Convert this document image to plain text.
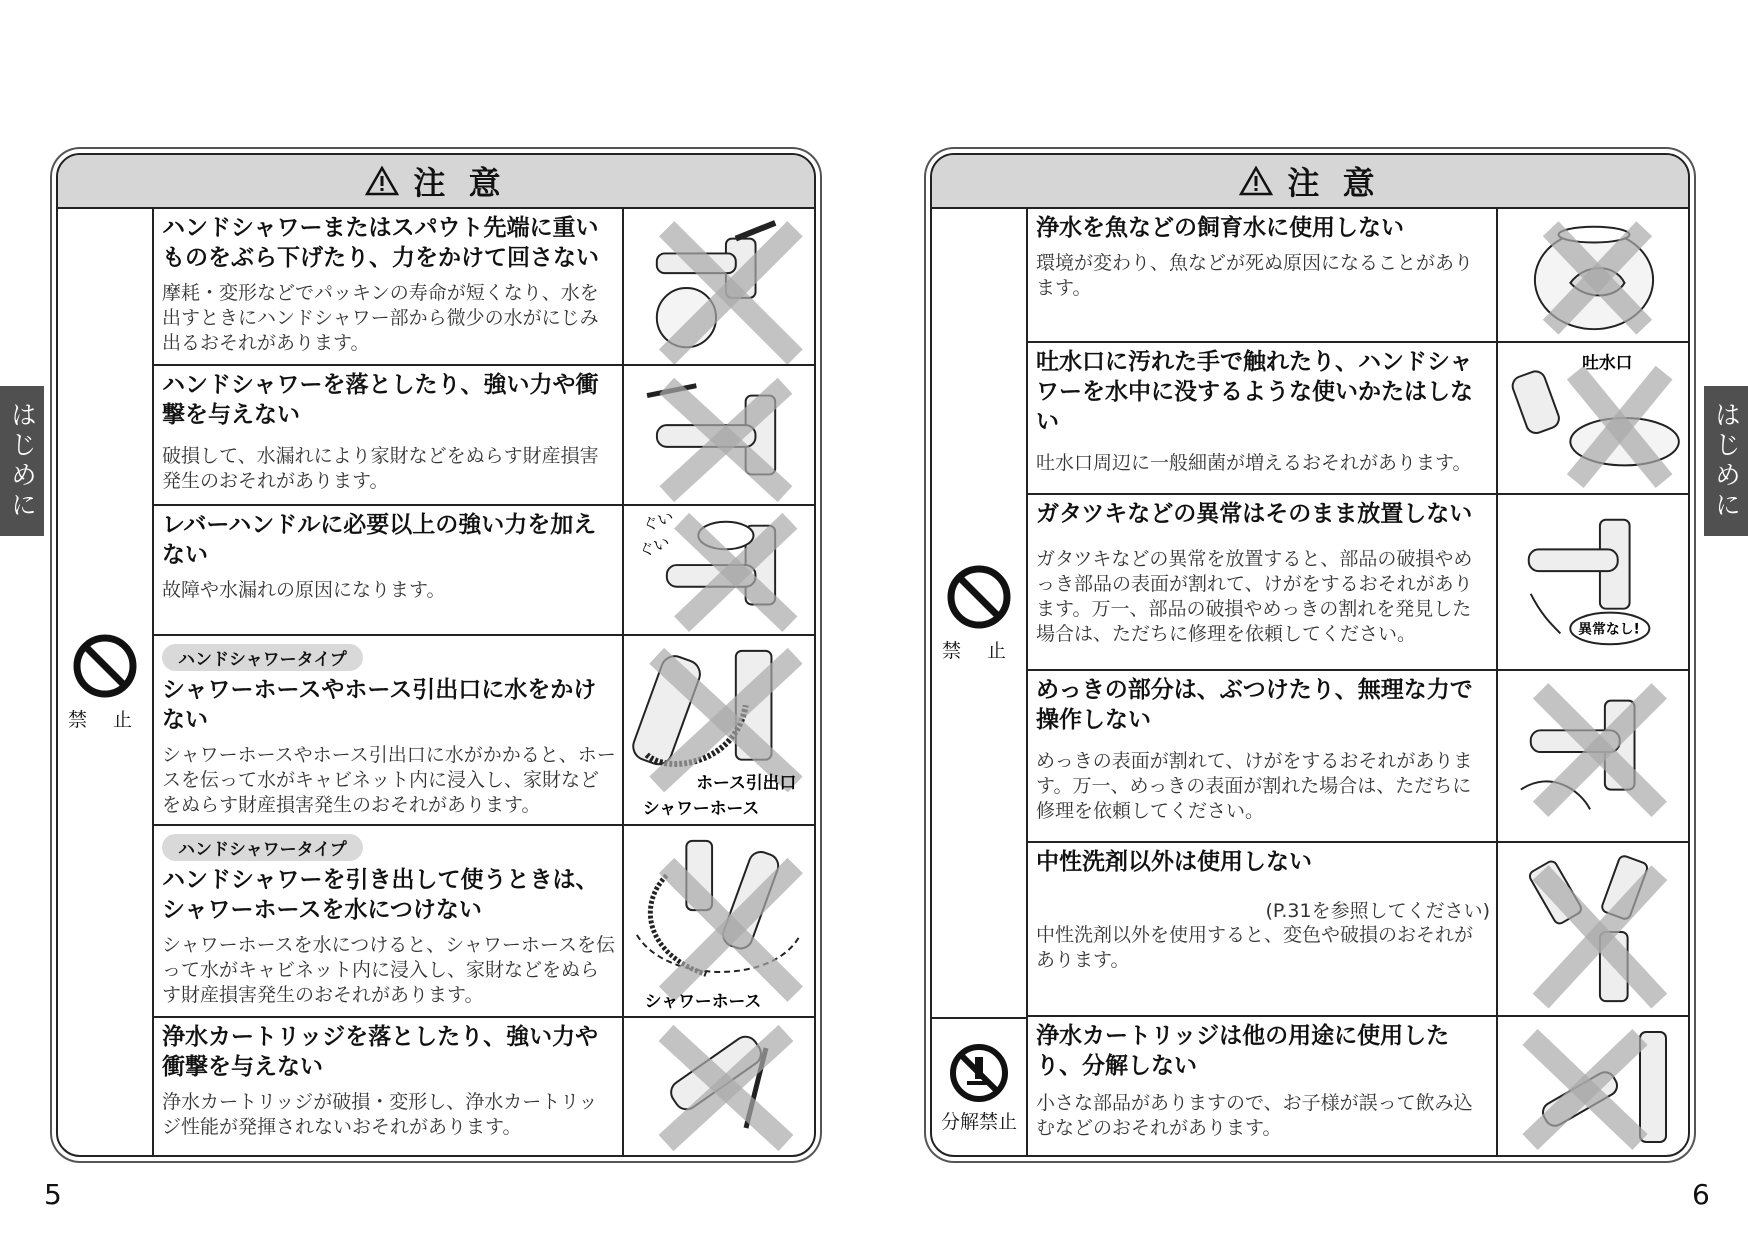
注 意
禁 止
ハンドシャワーまたはスパウト先端に重いものをぶら下げたり、力をかけて回さない
摩耗・変形などでパッキンの寿命が短くなり、水を出すときにハンドシャワー部から微少の水がにじみ出るおそれがあります。
ハンドシャワーを落としたり、強い力や衝撃を与えない
破損して、水漏れにより家財などをぬらす財産損害発生のおそれがあります。
レバーハンドルに必要以上の強い力を加えない
故障や水漏れの原因になります。
ぐい
ぐい
ハンドシャワータイプ
シャワーホースやホース引出口に水をかけない
シャワーホースやホース引出口に水がかかると、ホースを伝って水がキャビネット内に浸入し、家財などをぬらす財産損害発生のおそれがあります。
ホース引出口
シャワーホース
ハンドシャワータイプ
ハンドシャワーを引き出して使うときは、シャワーホースを水につけない
シャワーホースを水につけると、シャワーホースを伝って水がキャビネット内に浸入し、家財などをぬらす財産損害発生のおそれがあります。	シャワーホース
浄水カートリッジを落としたり、強い力や衝撃を与えない
浄水カートリッジが破損・変形し、浄水カートリッジ性能が発揮されないおそれがあります。
注 意
禁 止
分解禁止
浄水を魚などの飼育水に使用しない
環境が変わり、魚などが死ぬ原因になることがあります。
吐水口に汚れた手で触れたり、ハンドシャワーを水中に没するような使いかたはしない
吐水口周辺に一般細菌が増えるおそれがあります。
吐水口
ガタツキなどの異常はそのまま放置しない
ガタツキなどの異常を放置すると、部品の破損やめっき部品の表面が割れて、けがをするおそれがあります。万一、部品の破損やめっきの割れを発見した場合は、ただちに修理を依頼してください。	異常なし!
めっきの部分は、ぶつけたり、無理な力で操作しない
めっきの表面が割れて、けがをするおそれがあります。万一、めっきの表面が割れた場合は、ただちに修理を依頼してください。
中性洗剤以外は使用しない
(P.31を参照してください)
中性洗剤以外を使用すると、変色や破損のおそれがあります。
浄水カートリッジは他の用途に使用したり、分解しない
小さな部品がありますので、お子様が誤って飲み込むなどのおそれがあります。
はじめに	はじめに
5	6
